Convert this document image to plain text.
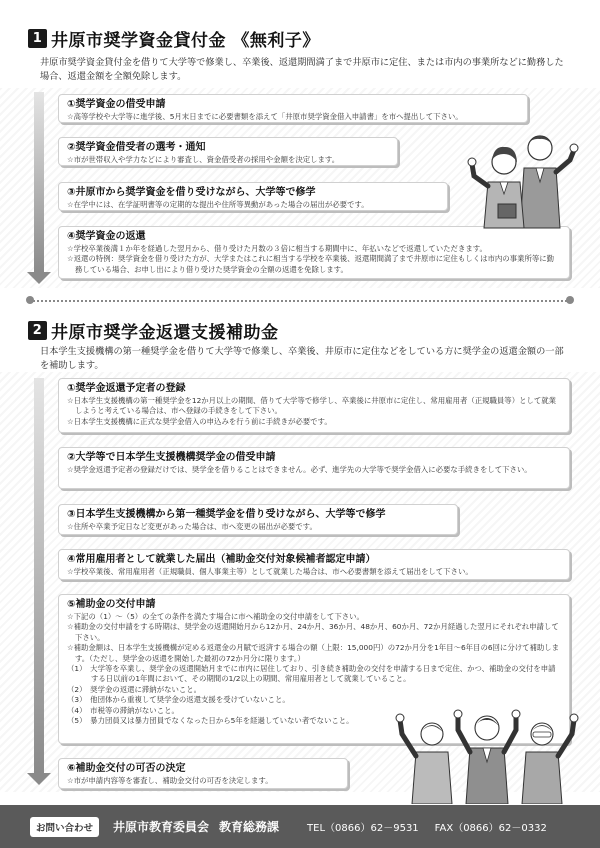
1 井原市奨学資金貸付金 《無利子》
井原市奨学資金貸付金を借りて大学等で修業し、卒業後、返還期間満了まで井原市に定住、または市内の事業所などに勤務した場合、返還金額を全額免除します。
①奨学資金の借受申請
☆高等学校や大学等に進学後、5月末日までに必要書類を添えて「井原市奨学資金借入申請書」を市へ提出して下さい。
②奨学資金借受者の選考・通知
☆市が世帯収入や学力などにより審査し、資金借受者の採用や金額を決定します。
③井原市から奨学資金を借り受けながら、大学等で修学
☆在学中には、在学証明書等の定期的な提出や住所等異動があった場合の届出が必要です。
④奨学資金の返還
☆学校卒業後満１か年を経過した翌月から、借り受けた月数の３倍に相当する期間中に、年払いなどで返還していただきます。
☆返還の特例：奨学資金を借り受けた方が、大学またはこれに相当する学校を卒業後、返還期間満了まで井原市に定住もしくは市内の事業所等に勤務している場合、お申し出により借り受けた奨学資金の全額の返還を免除します。
2 井原市奨学金返還支援補助金
日本学生支援機構の第一種奨学金を借りて大学等で修業し、卒業後、井原市に定住などをしている方に奨学金の返還金額の一部を補助します。
①奨学金返還予定者の登録
☆日本学生支援機構の第一種奨学金を12か月以上の期間、借りて大学等で修学し、卒業後に井原市に定住し、常用雇用者（正規職員等）として就業しようと考えている場合は、市へ登録の手続きをして下さい。
☆日本学生支援機構に正式な奨学金借入の申込みを行う前に手続きが必要です。
②大学等で日本学生支援機構奨学金の借受申請
☆奨学金返還予定者の登録だけでは、奨学金を借りることはできません。必ず、進学先の大学等で奨学金借入に必要な手続きをして下さい。
③日本学生支援機構から第一種奨学金を借り受けながら、大学等で修学
☆住所や卒業予定日など変更があった場合は、市へ変更の届出が必要です。
④常用雇用者として就業した届出（補助金交付対象候補者認定申請）
☆学校卒業後、常用雇用者（正規職員、個人事業主等）として就業した場合は、市へ必要書類を添えて届出をして下さい。
⑤補助金の交付申請
☆下記の（1）～（5）の全ての条件を満たす場合に市へ補助金の交付申請をして下さい。
☆補助金の交付申請をする時期は、奨学金の返還開始月から12か月、24か月、36か月、48か月、60か月、72か月経過した翌月にそれぞれ申請して下さい。
☆補助金額は、日本学生支援機構が定める返還金の月賦で返済する場合の額（上限：15,000円）の72か月分を1年目～6年目の6回に分けて補助します。（ただし、奨学金の返還を開始した最初の72か月分に限ります。）
（1）　大学等を卒業し、奨学金の返還開始月までに市内に居住しており、引き続き補助金の交付を申請する日まで定住、かつ、補助金の交付を申請する日以前の1年間において、その期間の1/2以上の期間、常用雇用者として就業していること。
（2）　奨学金の返還に滞納がないこと。
（3）　他団体から重複して奨学金の返還支援を受けていないこと。
（4）　市税等の滞納がないこと。
（5）　暴力団員又は暴力団員でなくなった日から5年を経過していない者でないこと。
⑥補助金交付の可否の決定
☆市が申請内容等を審査し、補助金交付の可否を決定します。
お問い合わせ	井原市教育委員会 教育総務課	TEL（0866）62－9531 FAX（0866）62－0332
